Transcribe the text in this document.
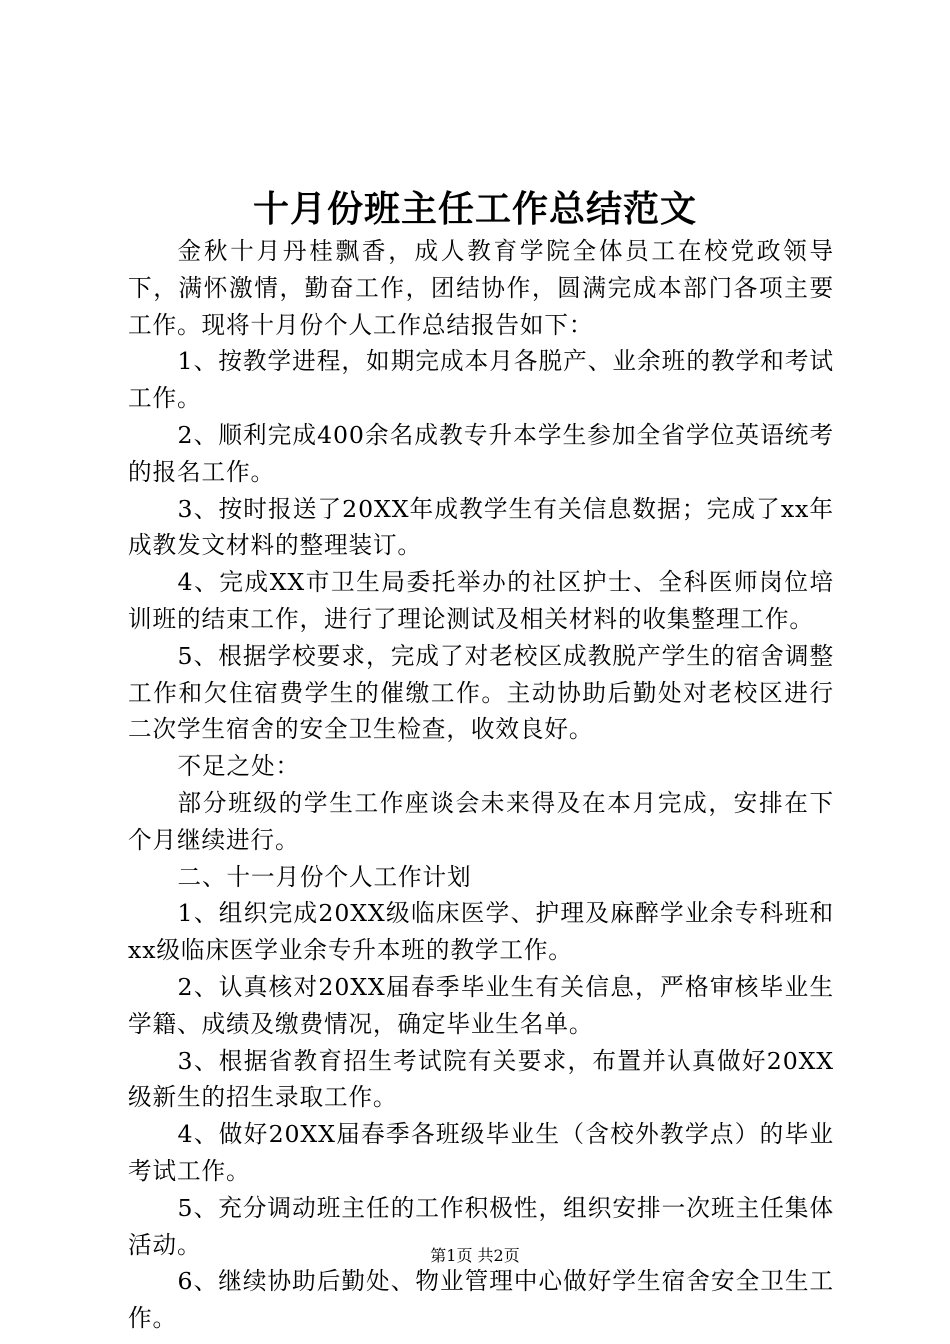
十月份班主任工作总结范文

金秋十月丹桂飘香，成人教育学院全体员工在校党政领导下，满怀激情，勤奋工作，团结协作，圆满完成本部门各项主要工作。现将十月份个人工作总结报告如下：

1、按教学进程，如期完成本月各脱产、业余班的教学和考试工作。

2、顺利完成400余名成教专升本学生参加全省学位英语统考的报名工作。

3、按时报送了20XX年成教学生有关信息数据；完成了xx年成教发文材料的整理装订。

4、完成XX市卫生局委托举办的社区护士、全科医师岗位培训班的结束工作，进行了理论测试及相关材料的收集整理工作。

5、根据学校要求，完成了对老校区成教脱产学生的宿舍调整工作和欠住宿费学生的催缴工作。主动协助后勤处对老校区进行二次学生宿舍的安全卫生检查，收效良好。

不足之处：

部分班级的学生工作座谈会未来得及在本月完成，安排在下个月继续进行。

二、十一月份个人工作计划

1、组织完成20XX级临床医学、护理及麻醉学业余专科班和xx级临床医学业余专升本班的教学工作。

2、认真核对20XX届春季毕业生有关信息，严格审核毕业生学籍、成绩及缴费情况，确定毕业生名单。

3、根据省教育招生考试院有关要求，布置并认真做好20XX级新生的招生录取工作。

4、做好20XX届春季各班级毕业生（含校外教学点）的毕业考试工作。

5、充分调动班主任的工作积极性，组织安排一次班主任集体活动。

6、继续协助后勤处、物业管理中心做好学生宿舍安全卫生工作。

第1页 共2页
